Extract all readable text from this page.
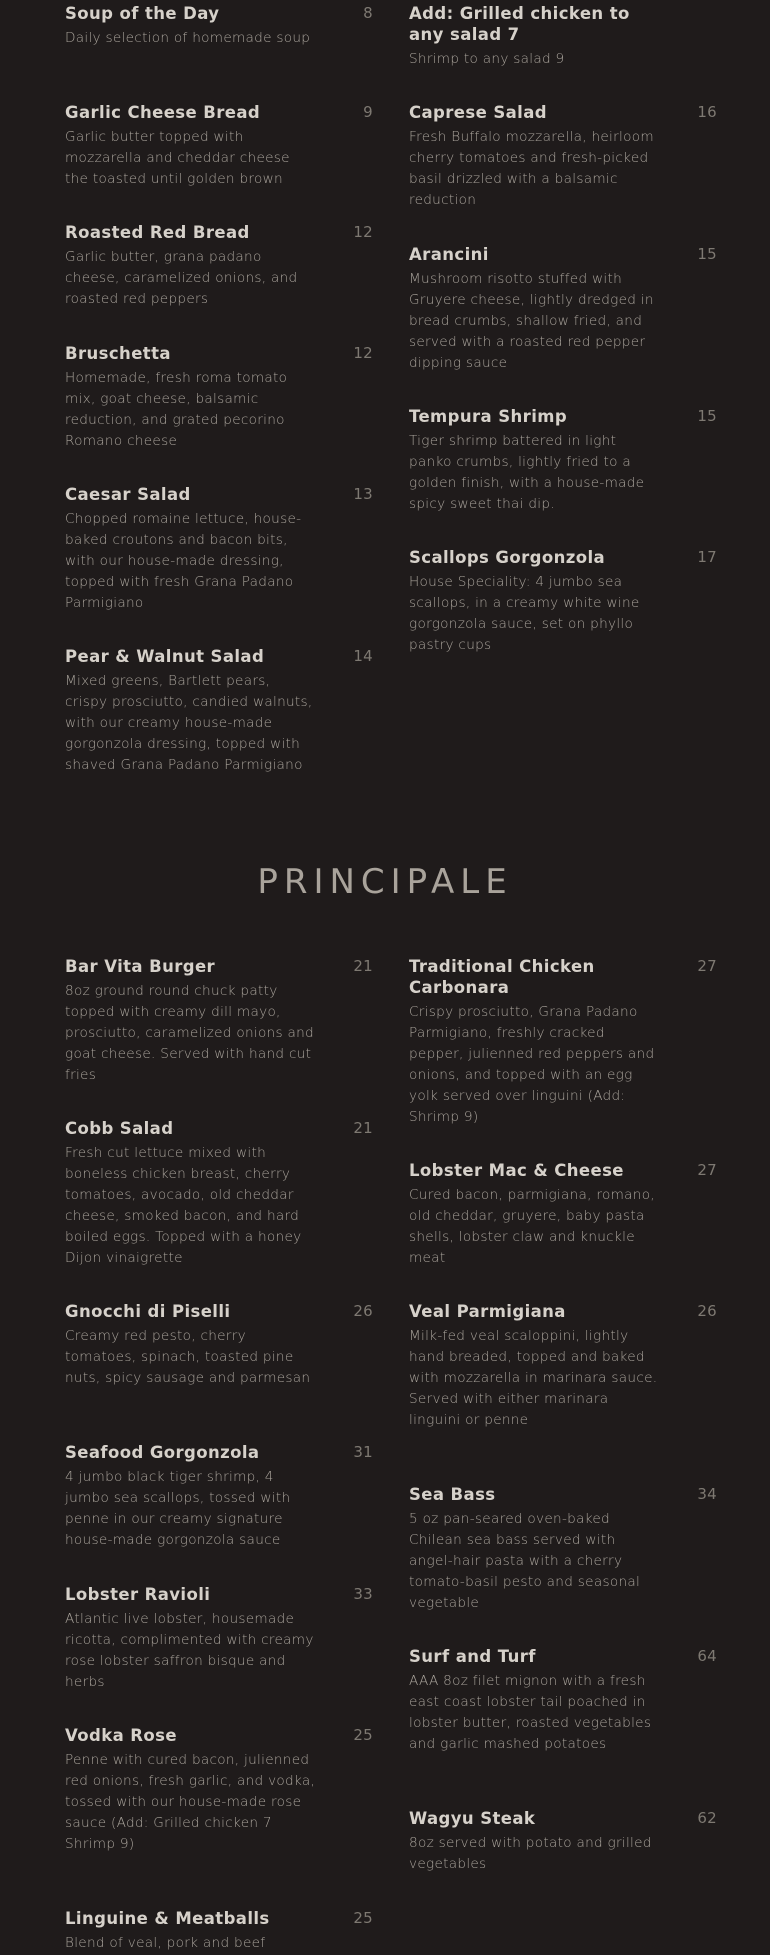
Soup of the Day	8
Daily selection of homemade soup
Garlic Cheese Bread	9
Garlic butter topped with mozzarella and cheddar cheese the toasted until golden brown
Roasted Red Bread	12
Garlic butter, grana padano cheese, caramelized onions, and roasted red peppers
Bruschetta	12
Homemade, fresh roma tomato mix, goat cheese, balsamic reduction, and grated pecorino Romano cheese
Caesar Salad	13
Chopped romaine lettuce, house-baked croutons and bacon bits, with our house-made dressing, topped with fresh Grana Padano Parmigiano
Pear & Walnut Salad	14
Mixed greens, Bartlett pears, crispy prosciutto, candied walnuts, with our creamy house-made gorgonzola dressing, topped with shaved Grana Padano Parmigiano
Add: Grilled chicken to any salad 7
Shrimp to any salad 9
Caprese Salad	16
Fresh Buffalo mozzarella, heirloom cherry tomatoes and fresh-picked basil drizzled with a balsamic reduction
Arancini	15
Mushroom risotto stuffed with Gruyere cheese, lightly dredged in bread crumbs, shallow fried, and served with a roasted red pepper dipping sauce
Tempura Shrimp	15
Tiger shrimp battered in light panko crumbs, lightly fried to a golden finish, with a house-made spicy sweet thai dip.
Scallops Gorgonzola	17
House Speciality: 4 jumbo sea scallops, in a creamy white wine gorgonzola sauce, set on phyllo pastry cups
PRINCIPALE
Bar Vita Burger	21
8oz ground round chuck patty topped with creamy dill mayo, prosciutto, caramelized onions and goat cheese. Served with hand cut fries
Cobb Salad	21
Fresh cut lettuce mixed with boneless chicken breast, cherry tomatoes, avocado, old cheddar cheese, smoked bacon, and hard boiled eggs. Topped with a honey Dijon vinaigrette
Gnocchi di Piselli	26
Creamy red pesto, cherry tomatoes, spinach, toasted pine nuts, spicy sausage and parmesan
Seafood Gorgonzola	31
4 jumbo black tiger shrimp, 4 jumbo sea scallops, tossed with penne in our creamy signature house-made gorgonzola sauce
Lobster Ravioli	33
Atlantic live lobster, housemade ricotta, complimented with creamy rose lobster saffron bisque and herbs
Vodka Rose	25
Penne with cured bacon, julienned red onions, fresh garlic, and vodka, tossed with our house-made rose sauce (Add: Grilled chicken 7 Shrimp 9)
Linguine & Meatballs	25
Blend of veal, pork and beef
Traditional Chicken Carbonara
27
Crispy prosciutto, Grana Padano Parmigiano, freshly cracked pepper, julienned red peppers and onions, and topped with an egg yolk served over linguini (Add: Shrimp 9)
Lobster Mac & Cheese	27
Cured bacon, parmigiana, romano, old cheddar, gruyere, baby pasta shells, lobster claw and knuckle meat
Veal Parmigiana	26
Milk-fed veal scaloppini, lightly hand breaded, topped and baked with mozzarella in marinara sauce. Served with either marinara linguini or penne
Sea Bass	34
5 oz pan-seared oven-baked Chilean sea bass served with angel-hair pasta with a cherry tomato-basil pesto and seasonal vegetable
Surf and Turf	64
AAA 8oz filet mignon with a fresh east coast lobster tail poached in lobster butter, roasted vegetables and garlic mashed potatoes
Wagyu Steak	62
8oz served with potato and grilled vegetables
